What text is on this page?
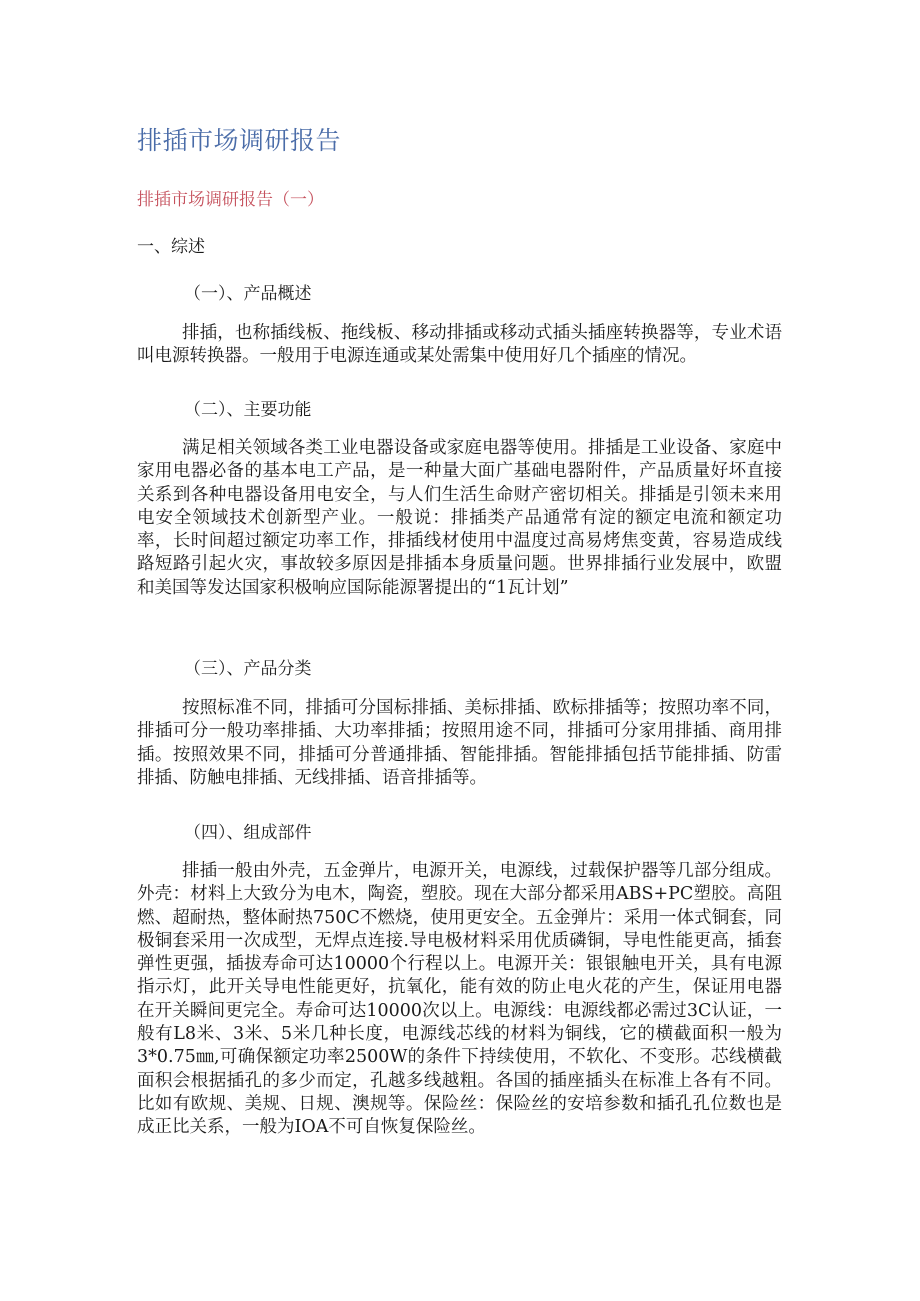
排插市场调研报告
排插市场调研报告（一）
一、综述
（一）、产品概述

排插，也称插线板、拖线板、移动排插或移动式插头插座转换器等，专业术语叫电源转换器。一般用于电源连通或某处需集中使用好几个插座的情况。

（二）、主要功能

满足相关领域各类工业电器设备或家庭电器等使用。排插是工业设备、家庭中家用电器必备的基本电工产品，是一种量大面广基础电器附件，产品质量好坏直接关系到各种电器设备用电安全，与人们生活生命财产密切相关。排插是引领未来用电安全领域技术创新型产业。一般说：排插类产品通常有淀的额定电流和额定功率，长时间超过额定功率工作，排插线材使用中温度过高易烤焦变黄，容易造成线路短路引起火灾，事故较多原因是排插本身质量问题。世界排插行业发展中，欧盟和美国等发达国家积极响应国际能源署提出的“1瓦计划”

（三）、产品分类

按照标准不同，排插可分国标排插、美标排插、欧标排插等；按照功率不同，排插可分一般功率排插、大功率排插；按照用途不同，排插可分家用排插、商用排插。按照效果不同，排插可分普通排插、智能排插。智能排插包括节能排插、防雷排插、防触电排插、无线排插、语音排插等。

（四）、组成部件

排插一般由外壳，五金弹片，电源开关，电源线，过载保护器等几部分组成。外壳：材料上大致分为电木，陶瓷，塑胶。现在大部分都采用ABS+PC塑胶。高阻燃、超耐热，整体耐热750C不燃烧，使用更安全。五金弹片：采用一体式铜套，同极铜套采用一次成型，无焊点连接.导电极材料采用优质磷铜，导电性能更高，插套弹性更强，插拔寿命可达10000个行程以上。电源开关：银银触电开关，具有电源指示灯，此开关导电性能更好，抗氧化，能有效的防止电火花的产生，保证用电器在开关瞬间更完全。寿命可达10000次以上。电源线：电源线都必需过3C认证，一般有L8米、3米、5米几种长度，电源线芯线的材料为铜线，它的横截面积一般为3*0.75㎜,可确保额定功率2500W的条件下持续使用，不软化、不变形。芯线横截面积会根据插孔的多少而定，孔越多线越粗。各国的插座插头在标准上各有不同。比如有欧规、美规、日规、澳规等。保险丝：保险丝的安培参数和插孔孔位数也是成正比关系，一般为IOA不可自恢复保险丝。
